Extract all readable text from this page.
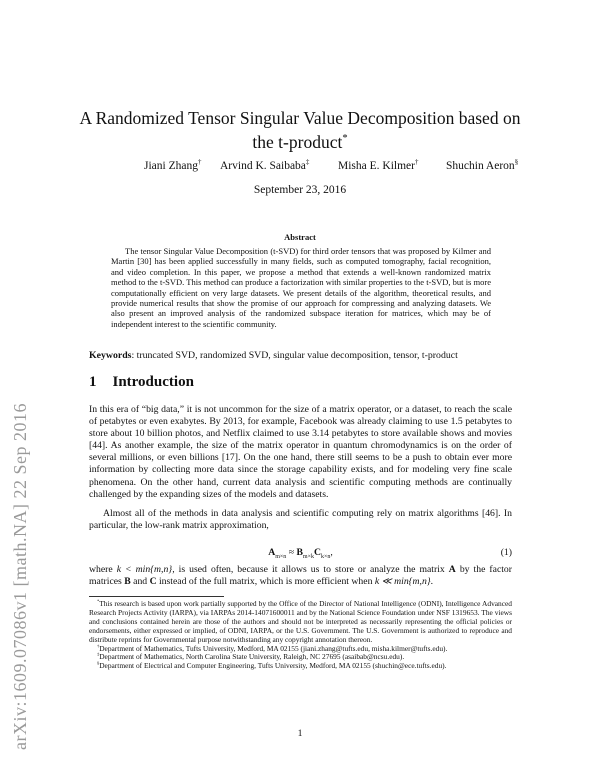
arXiv:1609.07086v1 [math.NA] 22 Sep 2016
A Randomized Tensor Singular Value Decomposition based on
the t-product*
Jiani Zhang† Arvind K. Saibaba‡ Misha E. Kilmer† Shuchin Aeron§
September 23, 2016
Abstract
The tensor Singular Value Decomposition (t-SVD) for third order tensors that was proposed by Kilmer and Martin [30] has been applied successfully in many fields, such as computed tomography, facial recognition, and video completion. In this paper, we propose a method that extends a well-known randomized matrix method to the t-SVD. This method can produce a factorization with similar properties to the t-SVD, but is more computationally efficient on very large datasets. We present details of the algorithm, theoretical results, and provide numerical results that show the promise of our approach for compressing and analyzing datasets. We also present an improved analysis of the randomized subspace iteration for matrices, which may be of independent interest to the scientific community.
Keywords: truncated SVD, randomized SVD, singular value decomposition, tensor, t-product
1 Introduction
In this era of “big data,” it is not uncommon for the size of a matrix operator, or a dataset, to reach the scale of petabytes or even exabytes. By 2013, for example, Facebook was already claiming to use 1.5 petabytes to store about 10 billion photos, and Netflix claimed to use 3.14 petabytes to store available shows and movies [44]. As another example, the size of the matrix operator in quantum chromodynamics is on the order of several millions, or even billions [17]. On the one hand, there still seems to be a push to obtain ever more information by collecting more data since the storage capability exists, and for modeling very fine scale phenomena. On the other hand, current data analysis and scientific computing methods are continually challenged by the expanding sizes of the models and datasets.
Almost all of the methods in data analysis and scientific computing rely on matrix algorithms [46]. In particular, the low-rank matrix approximation,
$A_{m\times n} \approx B_{m\times k}C_{k\times n}$,	(1)
where k < min{m,n}, is used often, because it allows us to store or analyze the matrix A by the factor matrices B and C instead of the full matrix, which is more efficient when k ≪ min{m,n}.

*This research is based upon work partially supported by the Office of the Director of National Intelligence (ODNI), Intelligence Advanced Research Projects Activity (IARPA), via IARPAs 2014-14071600011 and by the National Science Foundation under NSF 1319653. The views and conclusions contained herein are those of the authors and should not be interpreted as necessarily representing the official policies or endorsements, either expressed or implied, of ODNI, IARPA, or the U.S. Government. The U.S. Government is authorized to reproduce and distribute reprints for Governmental purpose notwithstanding any copyright annotation thereon.

†Department of Mathematics, Tufts University, Medford, MA 02155 (jiani.zhang@tufts.edu, misha.kilmer@tufts.edu).

‡Department of Mathematics, North Carolina State University, Raleigh, NC 27695 (asaibab@ncsu.edu).

§Department of Electrical and Computer Engineering, Tufts University, Medford, MA 02155 (shuchin@ece.tufts.edu).

1
